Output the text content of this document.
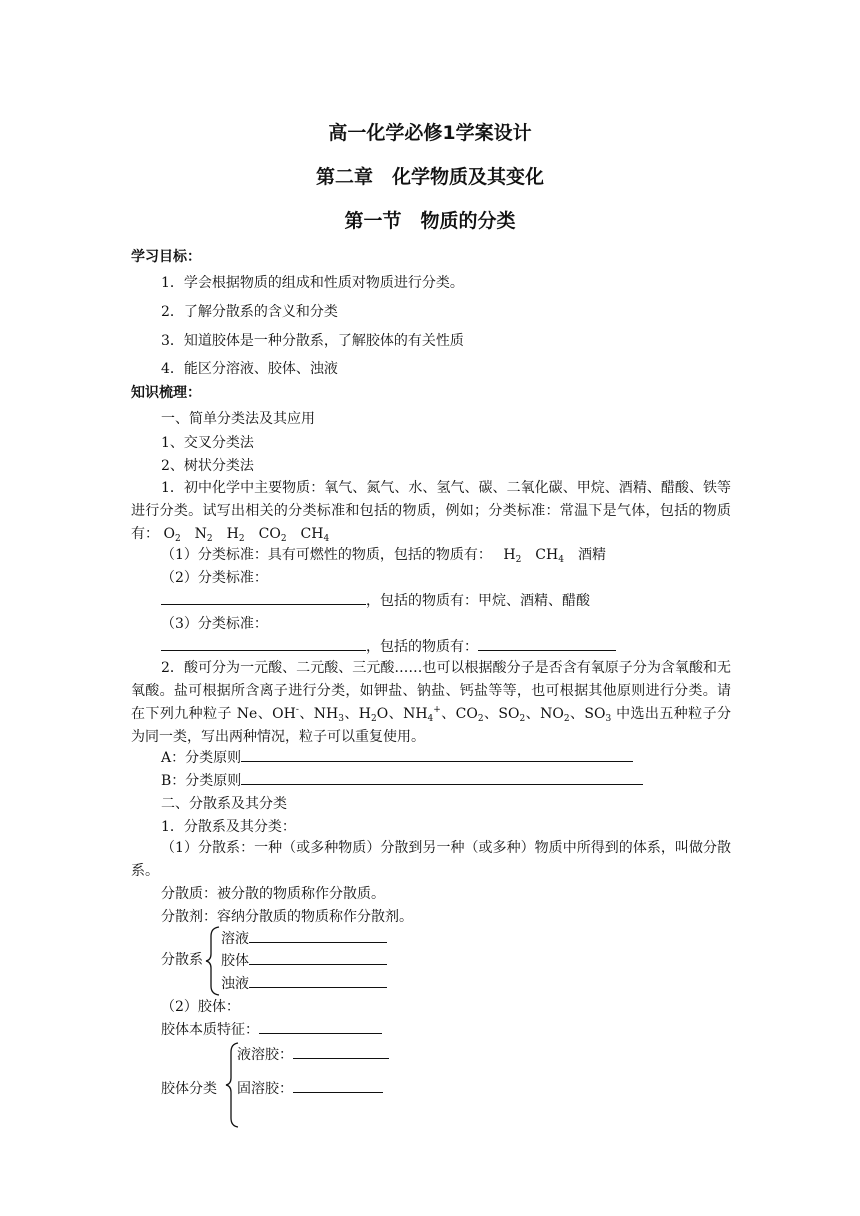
高一化学必修1学案设计
第二章　化学物质及其变化
第一节　物质的分类
学习目标：
1．学会根据物质的组成和性质对物质进行分类。
2．了解分散系的含义和分类
3．知道胶体是一种分散系，了解胶体的有关性质
4．能区分溶液、胶体、浊液
知识梳理：
一、简单分类法及其应用
1、交叉分类法
2、树状分类法
1．初中化学中主要物质：氧气、氮气、水、氢气、碳、二氧化碳、甲烷、酒精、醋酸、铁等进行分类。试写出相关的分类标准和包括的物质，例如；分类标准：常温下是气体，包括的物质有： $O_2$　$N_2$　$H_2$　$CO_2$　$CH_4$
（1）分类标准：具有可燃性的物质，包括的物质有：　 $H_2$　$CH_4$　酒精
（2）分类标准：
，包括的物质有：甲烷、酒精、醋酸
（3）分类标准：
，包括的物质有：
2．酸可分为一元酸、二元酸、三元酸……也可以根据酸分子是否含有氧原子分为含氧酸和无氧酸。盐可根据所含离子进行分类，如钾盐、钠盐、钙盐等等，也可根据其他原则进行分类。请在下列九种粒子 Ne、OH-、$NH_3$、$H_2O$、$NH_4^+$、$CO_2$、$SO_2$、$NO_2$、$SO_3$ 中选出五种粒子分为同一类，写出两种情况，粒子可以重复使用。
A：分类原则
B：分类原则
二、分散系及其分类
1．分散系及其分类：
（1）分散系：一种（或多种物质）分散到另一种（或多种）物质中所得到的体系，叫做分散系。
分散质：被分散的物质称作分散质。
分散剂：容纳分散质的物质称作分散剂。
分散系
溶液
胶体
浊液
（2）胶体：
胶体本质特征：
胶体分类
液溶胶：
固溶胶：
